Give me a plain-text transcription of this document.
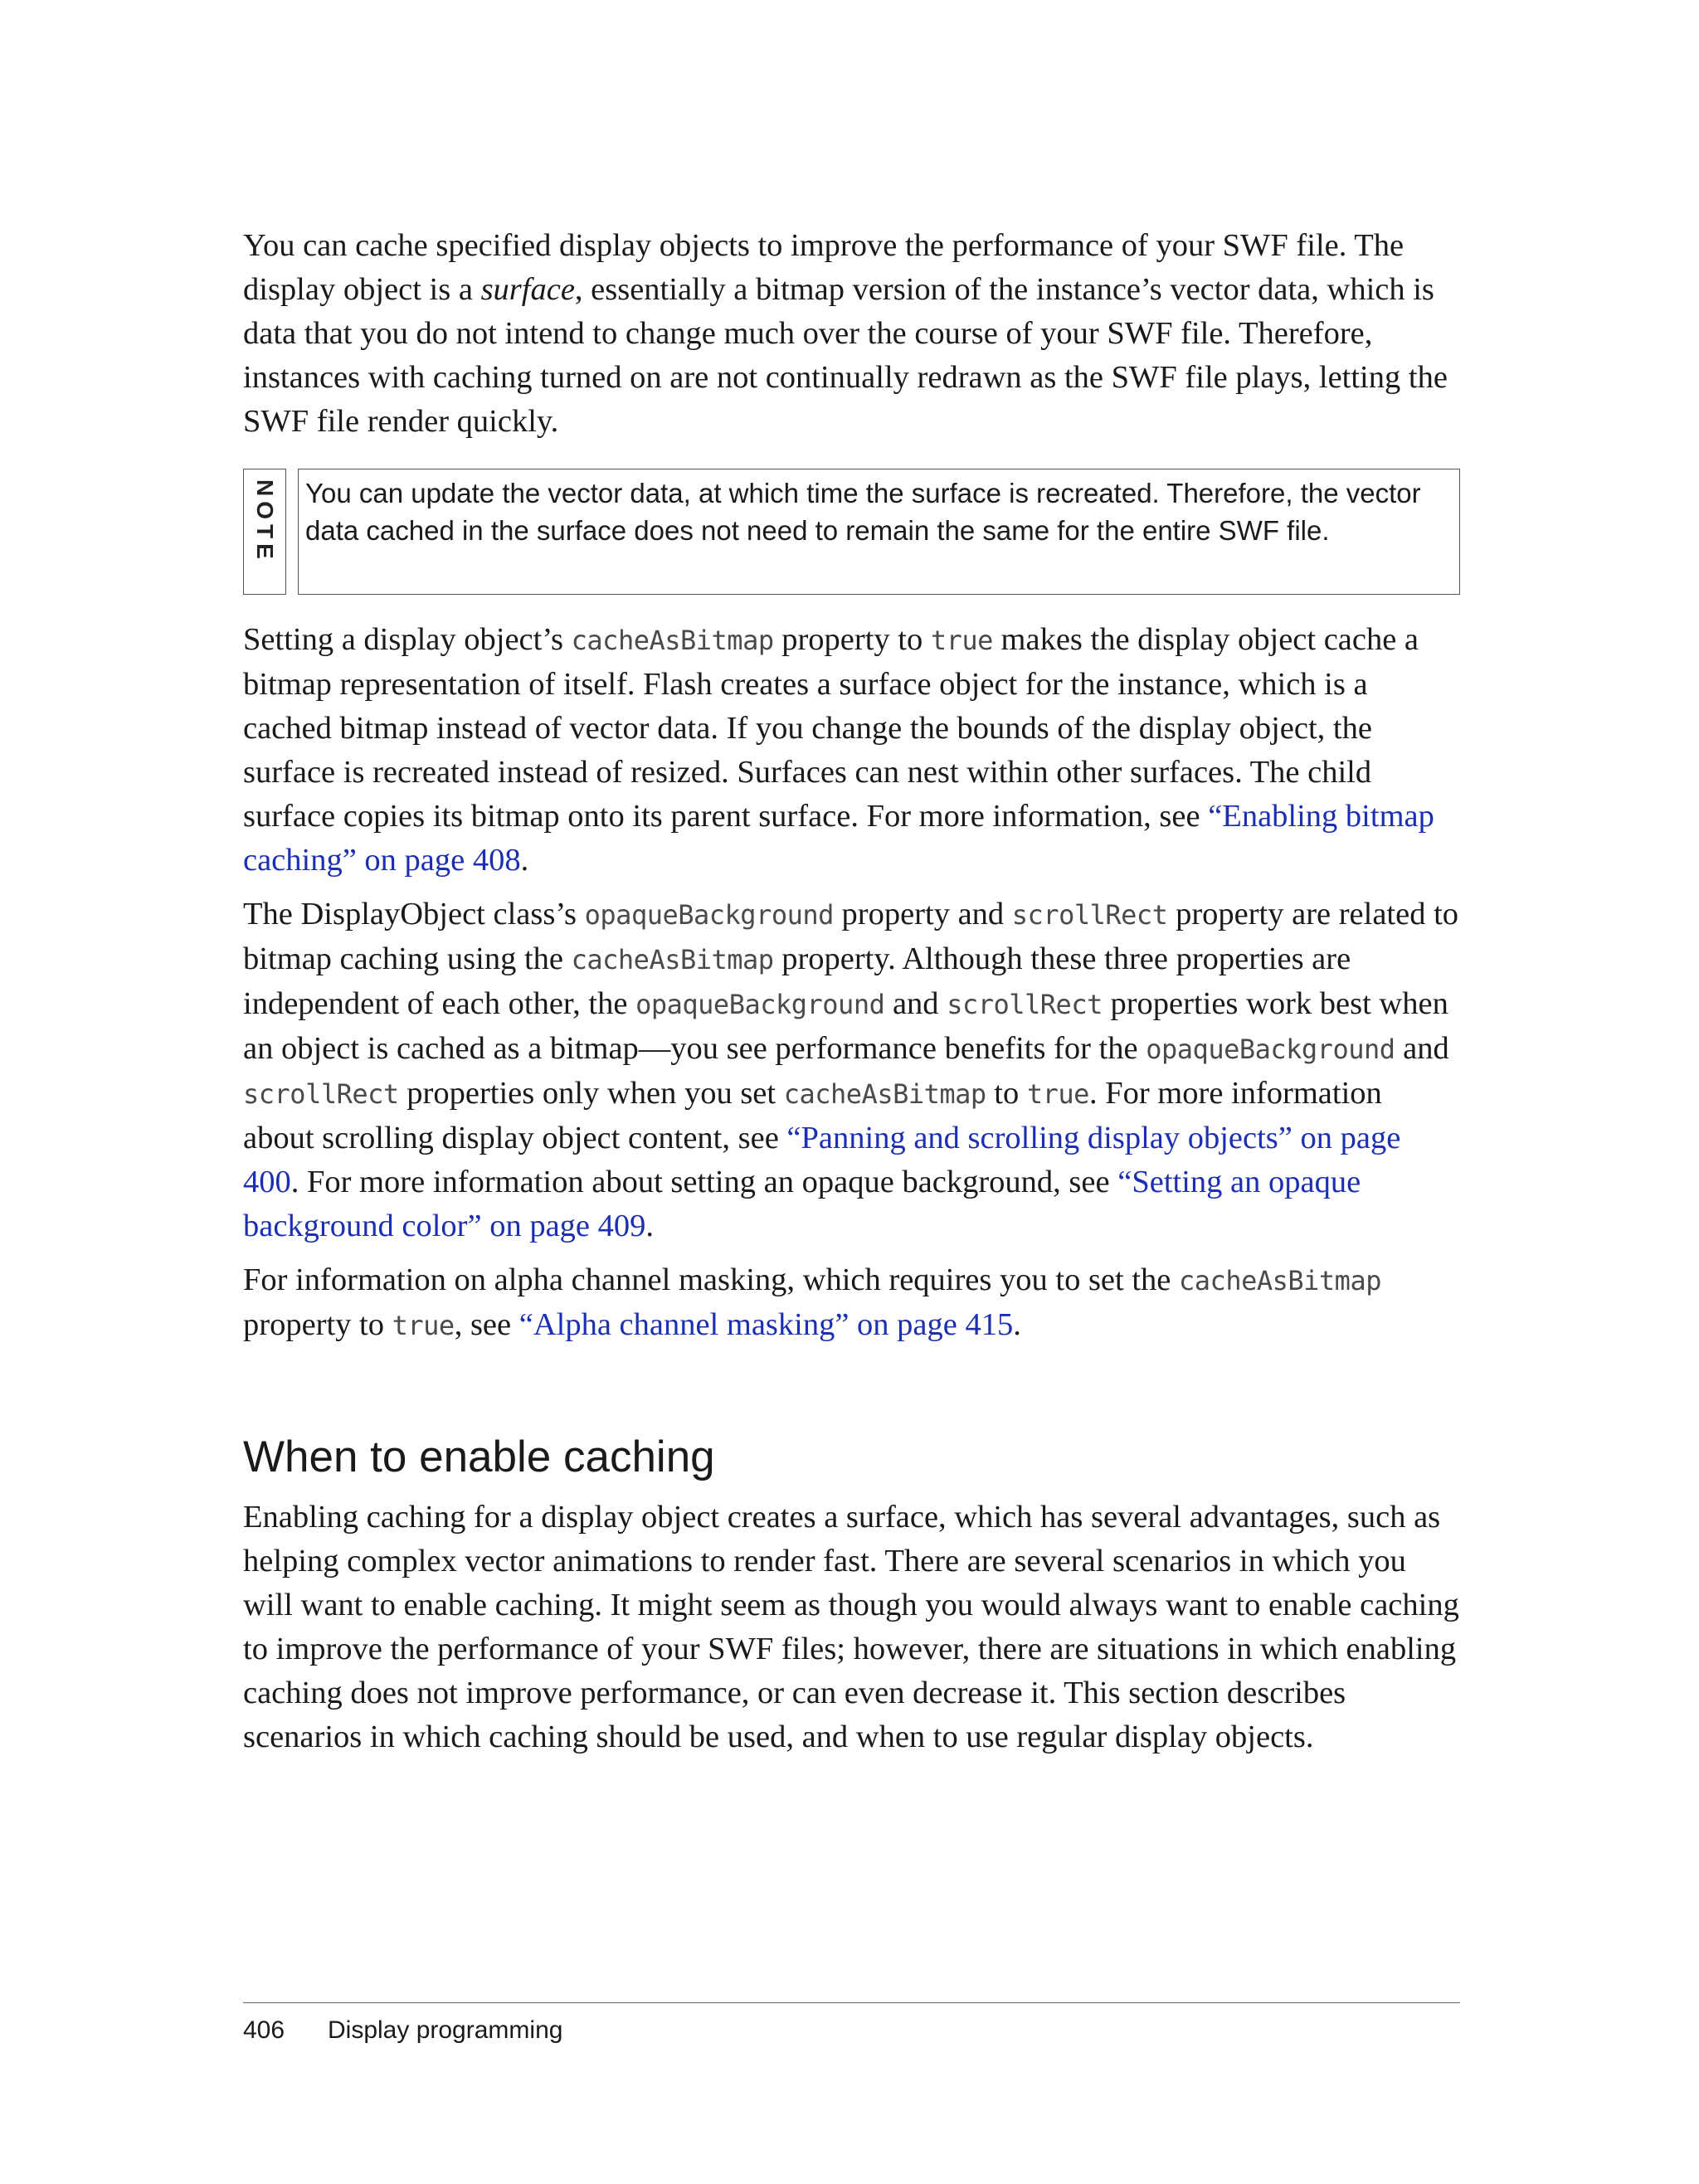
You can cache specified display objects to improve the performance of your SWF file. The display object is a surface, essentially a bitmap version of the instance’s vector data, which is data that you do not intend to change much over the course of your SWF file. Therefore, instances with caching turned on are not continually redrawn as the SWF file plays, letting the SWF file render quickly.

NOTE You can update the vector data, at which time the surface is recreated. Therefore, the vector data cached in the surface does not need to remain the same for the entire SWF file.

Setting a display object’s cacheAsBitmap property to true makes the display object cache a bitmap representation of itself. Flash creates a surface object for the instance, which is a cached bitmap instead of vector data. If you change the bounds of the display object, the surface is recreated instead of resized. Surfaces can nest within other surfaces. The child surface copies its bitmap onto its parent surface. For more information, see “Enabling bitmap caching” on page 408.

The DisplayObject class’s opaqueBackground property and scrollRect property are related to bitmap caching using the cacheAsBitmap property. Although these three properties are independent of each other, the opaqueBackground and scrollRect properties work best when an object is cached as a bitmap—you see performance benefits for the opaqueBackground and scrollRect properties only when you set cacheAsBitmap to true. For more information about scrolling display object content, see “Panning and scrolling display objects” on page 400. For more information about setting an opaque background, see “Setting an opaque background color” on page 409.

For information on alpha channel masking, which requires you to set the cacheAsBitmap property to true, see “Alpha channel masking” on page 415.

When to enable caching

Enabling caching for a display object creates a surface, which has several advantages, such as helping complex vector animations to render fast. There are several scenarios in which you will want to enable caching. It might seem as though you would always want to enable caching to improve the performance of your SWF files; however, there are situations in which enabling caching does not improve performance, or can even decrease it. This section describes scenarios in which caching should be used, and when to use regular display objects.

406	Display programming
